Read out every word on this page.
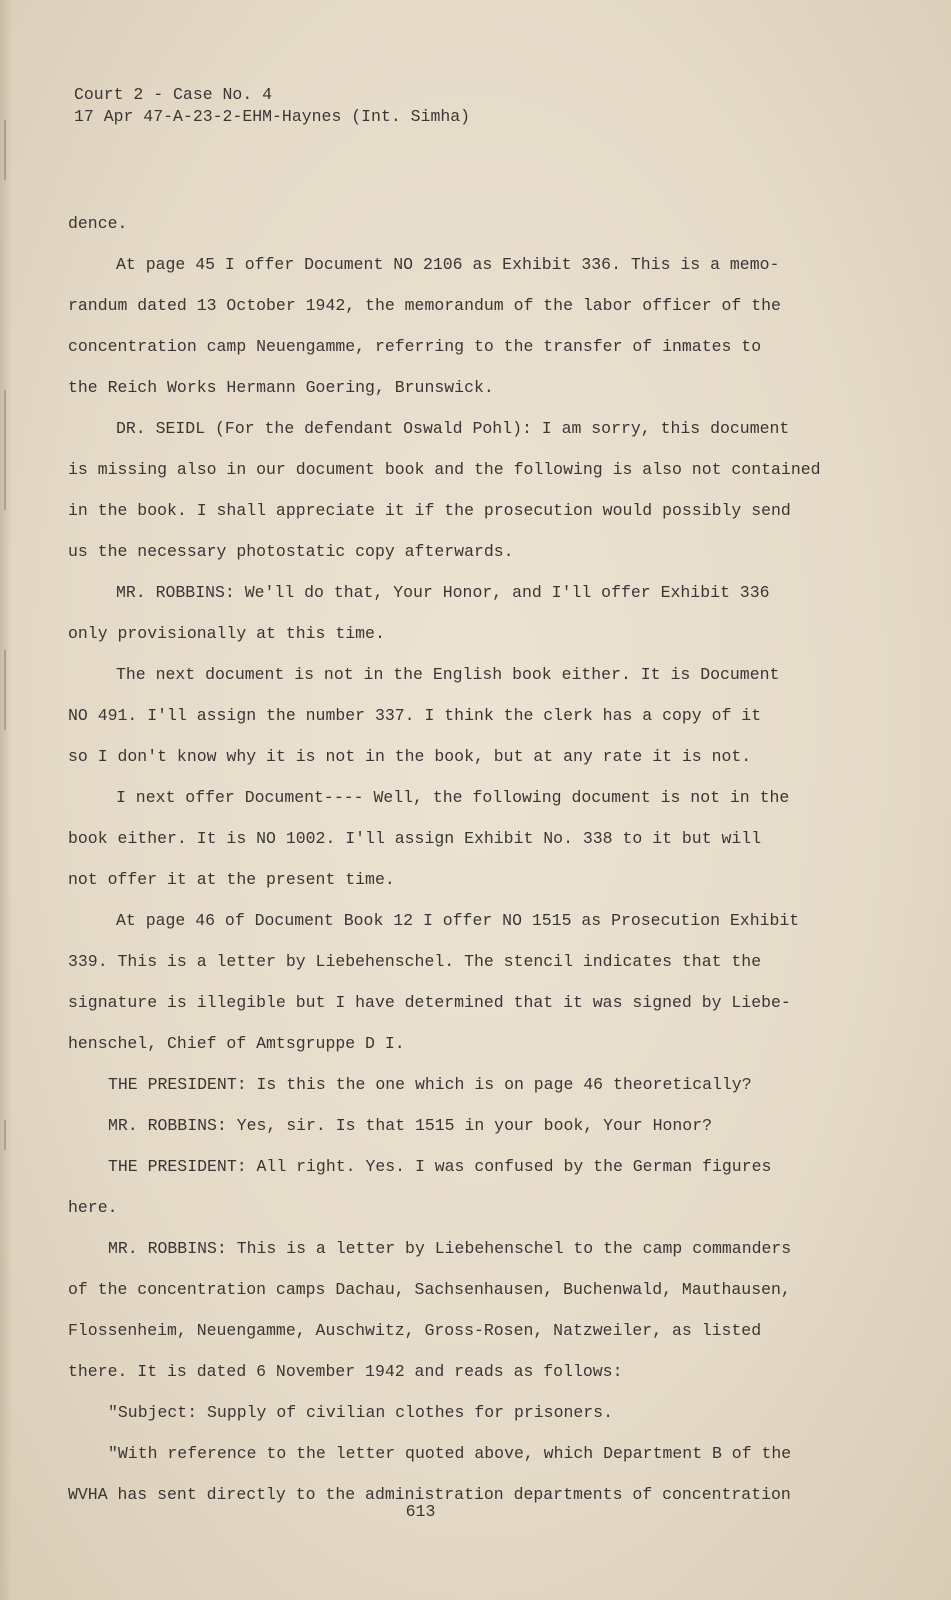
Court 2 - Case No. 4
17 Apr 47-A-23-2-EHM-Haynes (Int. Simha)
dence.
At page 45 I offer Document NO 2106 as Exhibit 336. This is a memo-
randum dated 13 October 1942, the memorandum of the labor officer of the
concentration camp Neuengamme, referring to the transfer of inmates to
the Reich Works Hermann Goering, Brunswick.
DR. SEIDL (For the defendant Oswald Pohl): I am sorry, this document
is missing also in our document book and the following is also not contained
in the book. I shall appreciate it if the prosecution would possibly send
us the necessary photostatic copy afterwards.
MR. ROBBINS: We'll do that, Your Honor, and I'll offer Exhibit 336
only provisionally at this time.
The next document is not in the English book either. It is Document
NO 491. I'll assign the number 337. I think the clerk has a copy of it
so I don't know why it is not in the book, but at any rate it is not.
I next offer Document---- Well, the following document is not in the
book either. It is NO 1002. I'll assign Exhibit No. 338 to it but will
not offer it at the present time.
At page 46 of Document Book 12 I offer NO 1515 as Prosecution Exhibit
339. This is a letter by Liebehenschel. The stencil indicates that the
signature is illegible but I have determined that it was signed by Liebe-
henschel, Chief of Amtsgruppe D I.
THE PRESIDENT: Is this the one which is on page 46 theoretically?
MR. ROBBINS: Yes, sir. Is that 1515 in your book, Your Honor?
THE PRESIDENT: All right. Yes. I was confused by the German figures
here.
MR. ROBBINS: This is a letter by Liebehenschel to the camp commanders
of the concentration camps Dachau, Sachsenhausen, Buchenwald, Mauthausen,
Flossenheim, Neuengamme, Auschwitz, Gross-Rosen, Natzweiler, as listed
there. It is dated 6 November 1942 and reads as follows:
"Subject: Supply of civilian clothes for prisoners.
"With reference to the letter quoted above, which Department B of the
WVHA has sent directly to the administration departments of concentration
613
